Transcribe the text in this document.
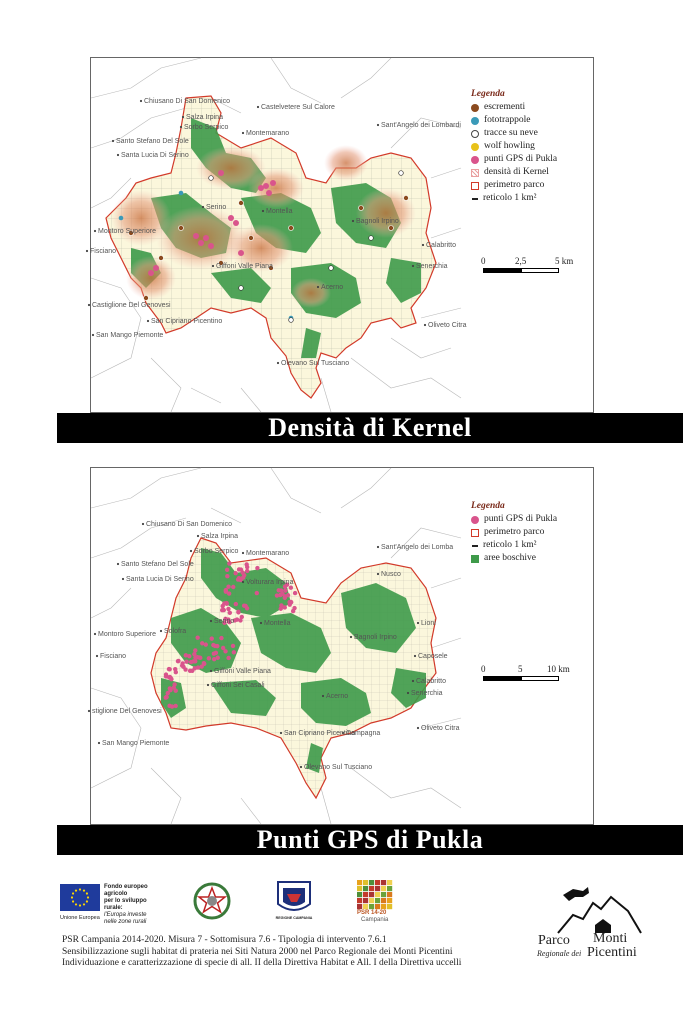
Chiusano Di San Domenico
Salza Irpina
Castelvetere Sul Calore
Sorbo Serpico
Montemarano
Sant'Angelo dei Lombardi
Santo Stefano Del Sole
Santa Lucia Di Serino
Serino
Montella
Bagnoli Irpino
Montoro Superiore
Fisciano
Giffoni Valle Piana
Acerno
Calabritto
Senerchia
Castiglione Del Genovesi
San Cipriano Picentino
Oliveto Citra
San Mango Piemonte
Olevano Sul Tusciano
Legenda
escrementi
fototrappole
tracce su neve
wolf howling
punti GPS di Pukla
densità di Kernel
perimetro parco
reticolo 1 km²
0	2,5	5 km
Densità di Kernel
Chiusano Di San Domenico
Salza Irpina
Sorbo Serpico Montemarano
Sant'Angelo dei Lomba
Santo Stefano Del Sole
Santa Lucia Di Serino	Volturara Irpina
Nusco
Serino	Montella
Montoro Superiore Solofra
Bagnoli Irpino
Lioni
Fisciano	Caposele
Giffoni Valle Piana
Giffoni Sei Casali
Calabritto
Senerchia
stiglione Del Genovesi
Acerno
Campagna
Oliveto Citra
San Mango Piemonte
San Cipriano Picentino
Olevano Sul Tusciano
Legenda
punti GPS di Pukla
perimetro parco
reticolo 1 km²
aree boschive
0	5	10 km
Punti GPS di Pukla
Fondo europeo agricolo
per lo sviluppo rurale:
l'Europa investe
nelle zone rurali
Unione Europea	REGIONE CAMPANIA
PSR 14-20
Campania
PSR Campania 2014-2020. Misura 7 - Sottomisura 7.6 - Tipologia di intervento 7.6.1
Sensibilizzazione sugli habitat di prateria nei Siti Natura 2000 nel Parco Regionale dei Monti Picentini
Individuazione e caratterizzazione di specie di all. II della Direttiva Habitat e All. I della Direttiva uccelli
Parco
Regionale dei
Monti
Picentini
